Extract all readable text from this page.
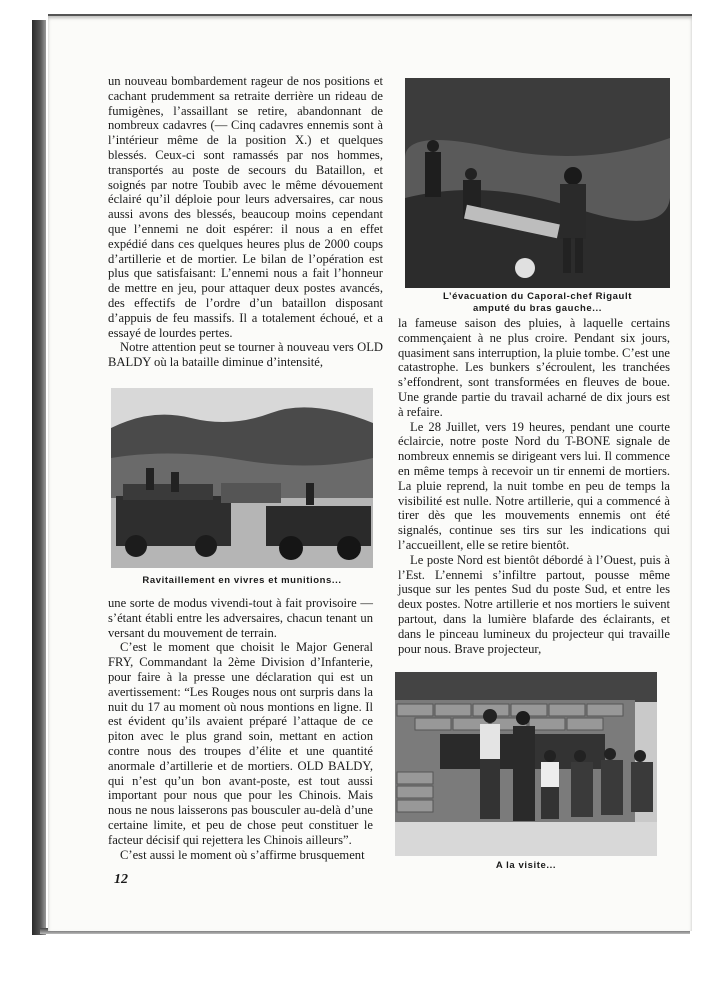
un nouveau bombardement rageur de nos positions et cachant prudemment sa retraite derrière un rideau de fumigènes, l’assaillant se retire, abandonnant de nombreux cadavres (— Cinq cadavres ennemis sont à l’intérieur même de la position X.) et quelques blessés. Ceux-ci sont ramassés par nos hommes, transportés au poste de secours du Bataillon, et soignés par notre Toubib avec le même dévouement éclairé qu’il déploie pour leurs adversaires, car nous aussi avons des blessés, beaucoup moins cependant que l’ennemi ne doit espérer: il nous a en effet expédié dans ces quelques heures plus de 2000 coups d’artillerie et de mortier. Le bilan de l’opération est plus que satisfaisant: L’ennemi nous a fait l’honneur de mettre en jeu, pour attaquer deux postes avancés, des effectifs de l’ordre d’un bataillon disposant d’appuis de feu massifs. Il a totalement échoué, et a essayé de lourdes pertes.

Notre attention peut se tourner à nouveau vers OLD BALDY où la bataille diminue d’intensité,

Ravitaillement en vivres et munitions...

une sorte de modus vivendi-tout à fait provisoire — s’étant établi entre les adversaires, chacun tenant un versant du mouvement de terrain.

C’est le moment que choisit le Major General FRY, Commandant la 2ème Division d’Infanterie, pour faire à la presse une déclaration qui est un avertissement: “Les Rouges nous ont surpris dans la nuit du 17 au moment où nous montions en ligne. Il est évident qu’ils avaient préparé l’attaque de ce piton avec le plus grand soin, mettant en action contre nous des troupes d’élite et une quantité anormale d’artillerie et de mortiers. OLD BALDY, qui n’est qu’un bon avant-poste, est tout aussi important pour nous que pour les Chinois. Mais nous ne nous laisserons pas bousculer au-delà d’une certaine limite, et peu de chose peut constituer le facteur décisif qui rejettera les Chinois ailleurs”.

C’est aussi le moment où s’affirme brusquement

L’évacuation du Caporal-chef Rigault
amputé du bras gauche...

la fameuse saison des pluies, à laquelle certains commençaient à ne plus croire. Pendant six jours, quasiment sans interruption, la pluie tombe. C’est une catastrophe. Les bunkers s’écroulent, les tranchées s’effondrent, sont transformées en fleuves de boue. Une grande partie du travail acharné de dix jours est à refaire.

Le 28 Juillet, vers 19 heures, pendant une courte éclaircie, notre poste Nord du T-BONE signale de nombreux ennemis se dirigeant vers lui. Il commence en même temps à recevoir un tir ennemi de mortiers. La pluie reprend, la nuit tombe en peu de temps la visibilité est nulle. Notre artillerie, qui a commencé à tirer dès que les mouvements ennemis ont été signalés, continue ses tirs sur les indications qui l’accueillent, elle se retire bientôt.

Le poste Nord est bientôt débordé à l’Ouest, puis à l’Est. L’ennemi s’infiltre partout, pousse même jusque sur les pentes Sud du poste Sud, et entre les deux postes. Notre artillerie et nos mortiers le suivent partout, dans la lumière blafarde des éclairants, et dans le pinceau lumineux du projecteur qui travaille pour nous. Brave projecteur,

A la visite...
12
